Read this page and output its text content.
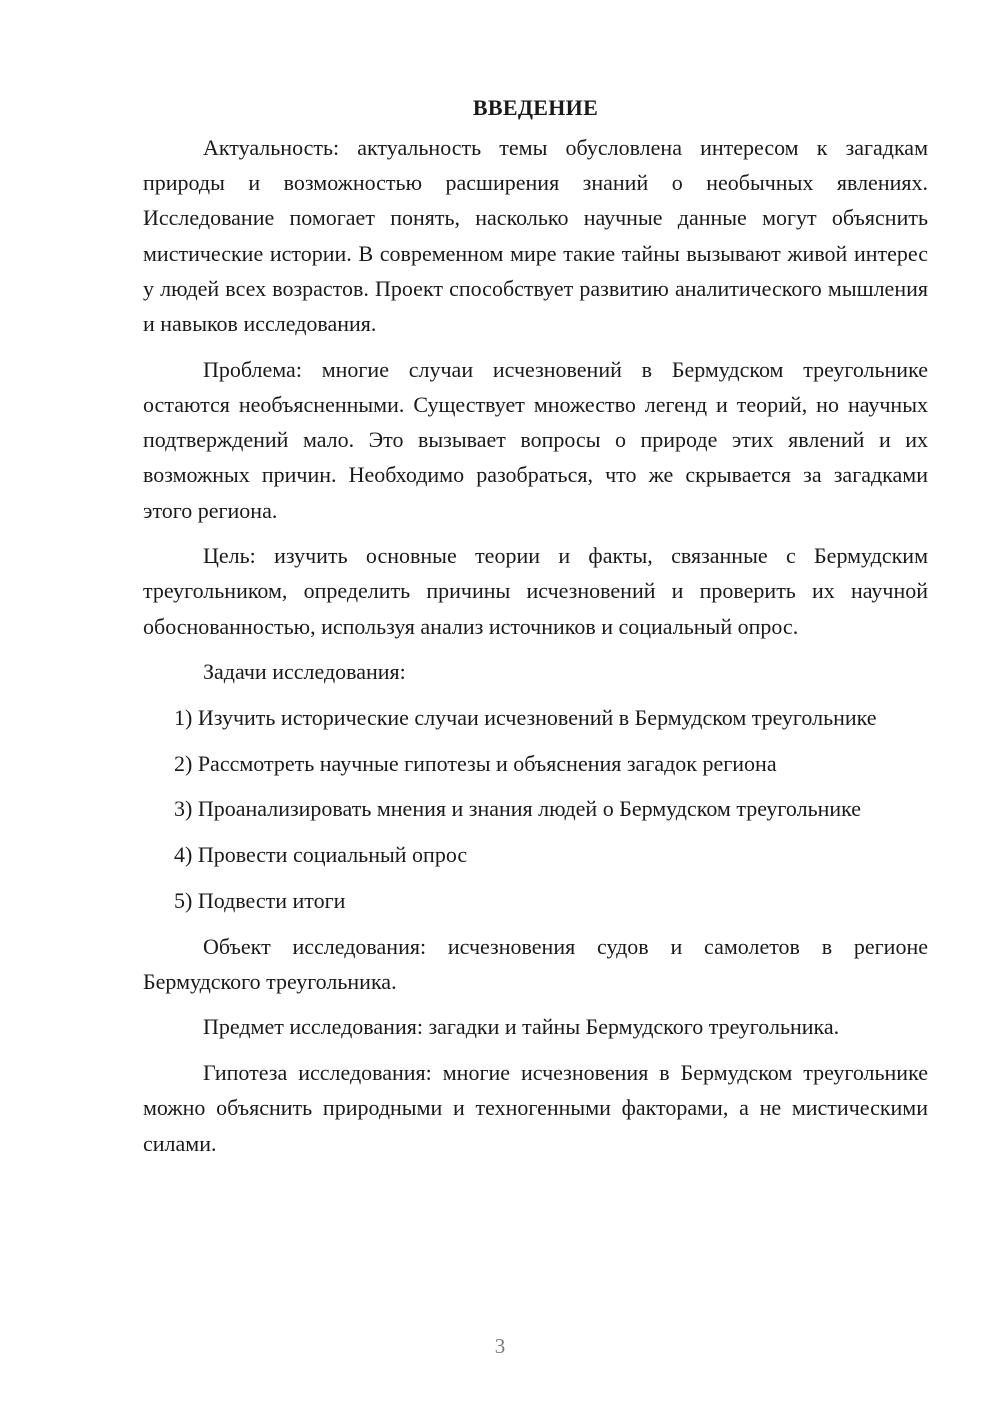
ВВЕДЕНИЕ

Актуальность: актуальность темы обусловлена интересом к загадкам природы и возможностью расширения знаний о необычных явлениях. Исследование помогает понять, насколько научные данные могут объяснить мистические истории. В современном мире такие тайны вызывают живой интерес у людей всех возрастов. Проект способствует развитию аналитического мышления и навыков исследования.

Проблема: многие случаи исчезновений в Бермудском треугольнике остаются необъясненными. Существует множество легенд и теорий, но научных подтверждений мало. Это вызывает вопросы о природе этих явлений и их возможных причин. Необходимо разобраться, что же скрывается за загадками этого региона.

Цель: изучить основные теории и факты, связанные с Бермудским треугольником, определить причины исчезновений и проверить их научной обоснованностью, используя анализ источников и социальный опрос.

Задачи исследования:

1) Изучить исторические случаи исчезновений в Бермудском треугольнике

2) Рассмотреть научные гипотезы и объяснения загадок региона

3) Проанализировать мнения и знания людей о Бермудском треугольнике

4) Провести социальный опрос

5) Подвести итоги

Объект исследования: исчезновения судов и самолетов в регионе Бермудского треугольника.

Предмет исследования: загадки и тайны Бермудского треугольника.

Гипотеза исследования: многие исчезновения в Бермудском треугольнике можно объяснить природными и техногенными факторами, а не мистическими силами.

3
